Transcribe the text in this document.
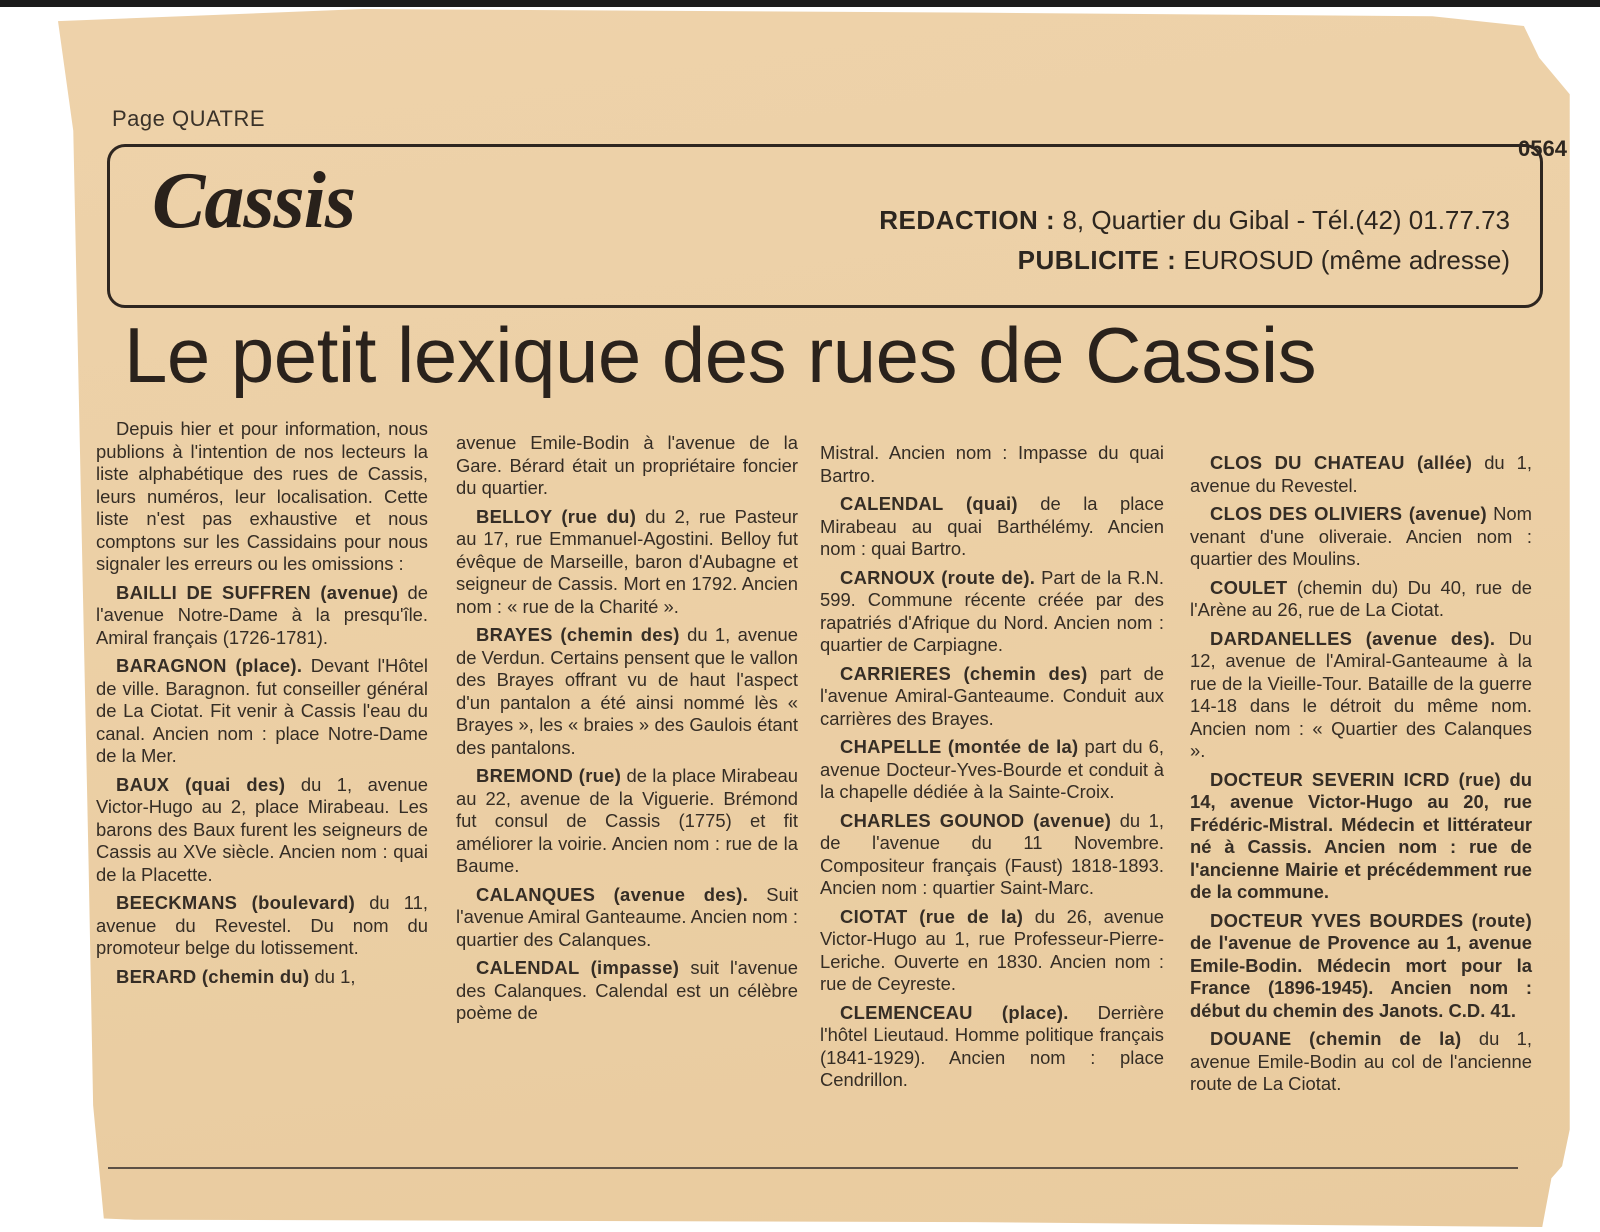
Page QUATRE
0564
Cassis	REDACTION : 8, Quartier du Gibal - Tél.(42) 01.77.73
PUBLICITE : EUROSUD (même adresse)
Le petit lexique des rues de Cassis

Depuis hier et pour information, nous publions à l'intention de nos lecteurs la liste alphabétique des rues de Cassis, leurs numéros, leur localisation. Cette liste n'est pas exhaustive et nous comptons sur les Cassidains pour nous signaler les erreurs ou les omissions :

BAILLI DE SUFFREN (avenue) de l'avenue Notre-Dame à la presqu'île. Amiral français (1726-1781).

BARAGNON (place). Devant l'Hôtel de ville. Baragnon. fut conseiller général de La Ciotat. Fit venir à Cassis l'eau du canal. Ancien nom : place Notre-Dame de la Mer.

BAUX (quai des) du 1, avenue Victor-Hugo au 2, place Mirabeau. Les barons des Baux furent les seigneurs de Cassis au XVe siècle. Ancien nom : quai de la Placette.

BEECKMANS (boulevard) du 11, avenue du Revestel. Du nom du promoteur belge du lotissement.

BERARD (chemin du) du 1,

avenue Emile-Bodin à l'avenue de la Gare. Bérard était un propriétaire foncier du quartier.

BELLOY (rue du) du 2, rue Pasteur au 17, rue Emmanuel-Agostini. Belloy fut évêque de Marseille, baron d'Aubagne et seigneur de Cassis. Mort en 1792. Ancien nom : « rue de la Charité ».

BRAYES (chemin des) du 1, avenue de Verdun. Certains pensent que le vallon des Brayes offrant vu de haut l'aspect d'un pantalon a été ainsi nommé lès « Brayes », les « braies » des Gaulois étant des pantalons.

BREMOND (rue) de la place Mirabeau au 22, avenue de la Viguerie. Brémond fut consul de Cassis (1775) et fit améliorer la voirie. Ancien nom : rue de la Baume.

CALANQUES (avenue des). Suit l'avenue Amiral Ganteaume. Ancien nom : quartier des Calanques.

CALENDAL (impasse) suit l'avenue des Calanques. Calendal est un célèbre poème de

Mistral. Ancien nom : Impasse du quai Bartro.

CALENDAL (quai) de la place Mirabeau au quai Barthélémy. Ancien nom : quai Bartro.

CARNOUX (route de). Part de la R.N. 599. Commune récente créée par des rapatriés d'Afrique du Nord. Ancien nom : quartier de Carpiagne.

CARRIERES (chemin des) part de l'avenue Amiral-Ganteaume. Conduit aux carrières des Brayes.

CHAPELLE (montée de la) part du 6, avenue Docteur-Yves-Bourde et conduit à la chapelle dédiée à la Sainte-Croix.

CHARLES GOUNOD (avenue) du 1, de l'avenue du 11 Novembre. Compositeur français (Faust) 1818-1893. Ancien nom : quartier Saint-Marc.

CIOTAT (rue de la) du 26, avenue Victor-Hugo au 1, rue Professeur-Pierre-Leriche. Ouverte en 1830. Ancien nom : rue de Ceyreste.

CLEMENCEAU (place). Derrière l'hôtel Lieutaud. Homme politique français (1841-1929). Ancien nom : place Cendrillon.

CLOS DU CHATEAU (allée) du 1, avenue du Revestel.

CLOS DES OLIVIERS (avenue) Nom venant d'une oliveraie. Ancien nom : quartier des Moulins.

COULET (chemin du) Du 40, rue de l'Arène au 26, rue de La Ciotat.

DARDANELLES (avenue des). Du 12, avenue de l'Amiral-Ganteaume à la rue de la Vieille-Tour. Bataille de la guerre 14-18 dans le détroit du même nom. Ancien nom : « Quartier des Calanques ».

DOCTEUR SEVERIN ICRD (rue) du 14, avenue Victor-Hugo au 20, rue Frédéric-Mistral. Médecin et littérateur né à Cassis. Ancien nom : rue de l'ancienne Mairie et précédemment rue de la commune.

DOCTEUR YVES BOURDES (route) de l'avenue de Provence au 1, avenue Emile-Bodin. Médecin mort pour la France (1896-1945). Ancien nom : début du chemin des Janots. C.D. 41.

DOUANE (chemin de la) du 1, avenue Emile-Bodin au col de l'ancienne route de La Ciotat.
